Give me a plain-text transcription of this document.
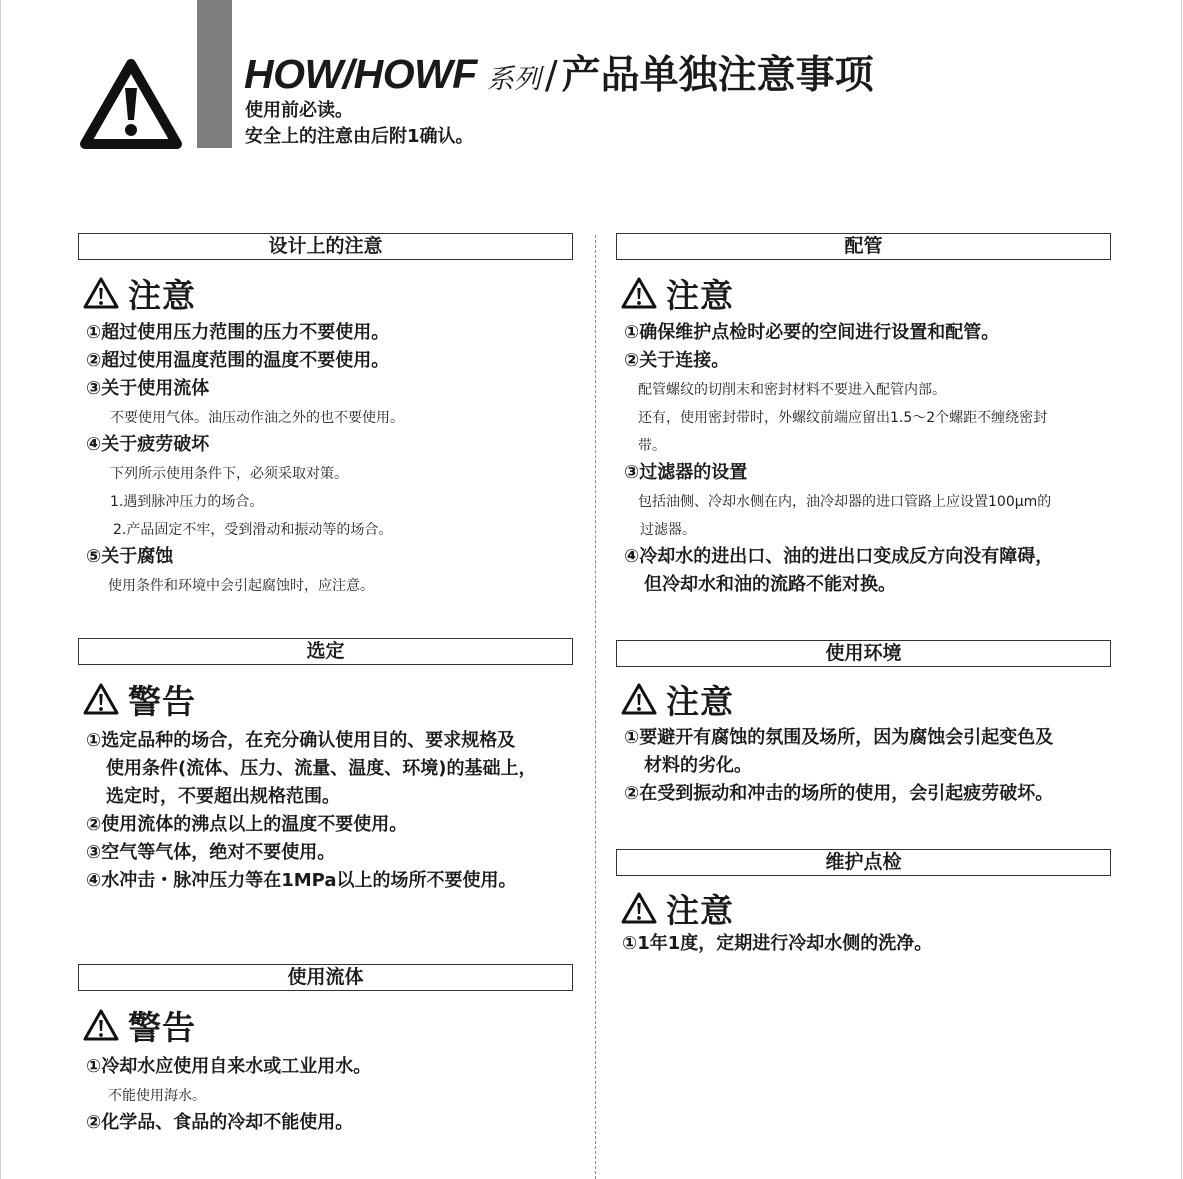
HOW/HOWF 系列 / 产品单独注意事项
使用前必读。
安全上的注意由后附1确认。
设计上的注意
注意
①超过使用压力范围的压力不要使用。
②超过使用温度范围的温度不要使用。
③关于使用流体
不要使用气体。油压动作油之外的也不要使用。
④关于疲劳破坏
下列所示使用条件下，必须采取对策。
1.遇到脉冲压力的场合。
2.产品固定不牢，受到滑动和振动等的场合。
⑤关于腐蚀
使用条件和环境中会引起腐蚀时，应注意。
选定
警告
①选定品种的场合，在充分确认使用目的、要求规格及
使用条件(流体、压力、流量、温度、环境)的基础上，
选定时，不要超出规格范围。
②使用流体的沸点以上的温度不要使用。
③空气等气体，绝对不要使用。
④水冲击・脉冲压力等在1MPa以上的场所不要使用。
使用流体
警告
①冷却水应使用自来水或工业用水。
不能使用海水。
②化学品、食品的冷却不能使用。
配管
注意
①确保维护点检时必要的空间进行设置和配管。
②关于连接。
配管螺纹的切削末和密封材料不要进入配管内部。
还有，使用密封带时，外螺纹前端应留出1.5～2个螺距不缠绕密封
带。
③过滤器的设置
包括油侧、冷却水侧在内，油冷却器的进口管路上应设置100μm的
过滤器。
④冷却水的进出口、油的进出口变成反方向没有障碍，
但冷却水和油的流路不能对换。
使用环境
注意
①要避开有腐蚀的氛围及场所，因为腐蚀会引起变色及
材料的劣化。
②在受到振动和冲击的场所的使用，会引起疲劳破坏。
维护点检
注意
①1年1度，定期进行冷却水侧的洗净。
